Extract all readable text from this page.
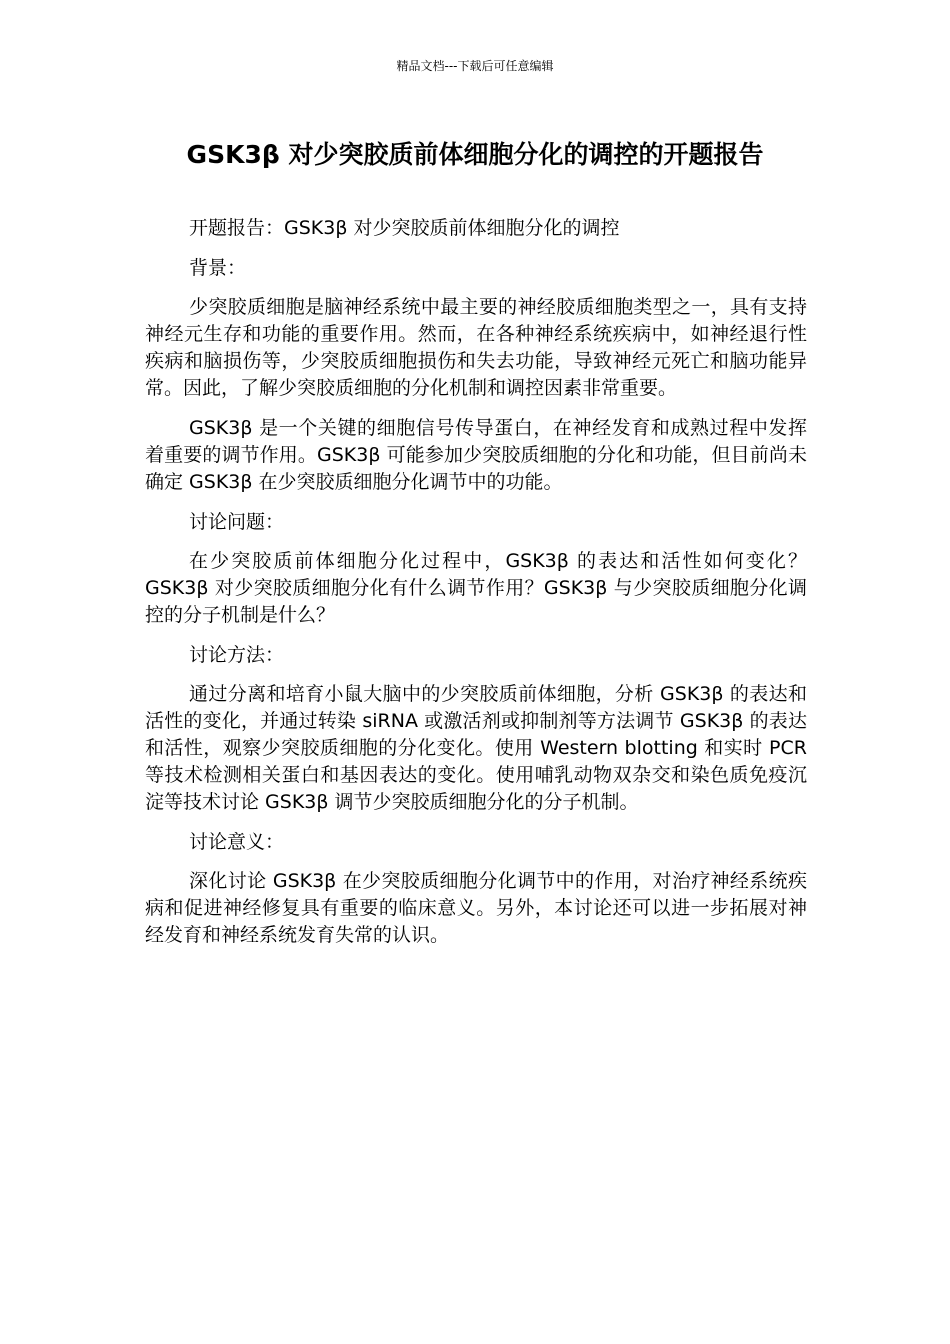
精品文档---下载后可任意编辑
GSK3β 对少突胶质前体细胞分化的调控的开题报告

开题报告：GSK3β 对少突胶质前体细胞分化的调控

背景：

少突胶质细胞是脑神经系统中最主要的神经胶质细胞类型之一，具有支持神经元生存和功能的重要作用。然而，在各种神经系统疾病中，如神经退行性疾病和脑损伤等，少突胶质细胞损伤和失去功能，导致神经元死亡和脑功能异常。因此，了解少突胶质细胞的分化机制和调控因素非常重要。

GSK3β 是一个关键的细胞信号传导蛋白，在神经发育和成熟过程中发挥着重要的调节作用。GSK3β 可能参加少突胶质细胞的分化和功能，但目前尚未确定 GSK3β 在少突胶质细胞分化调节中的功能。

讨论问题：

在少突胶质前体细胞分化过程中，GSK3β 的表达和活性如何变化？GSK3β 对少突胶质细胞分化有什么调节作用？GSK3β 与少突胶质细胞分化调控的分子机制是什么？

讨论方法：

通过分离和培育小鼠大脑中的少突胶质前体细胞，分析 GSK3β 的表达和活性的变化，并通过转染 siRNA 或激活剂或抑制剂等方法调节 GSK3β 的表达和活性，观察少突胶质细胞的分化变化。使用 Western blotting 和实时 PCR 等技术检测相关蛋白和基因表达的变化。使用哺乳动物双杂交和染色质免疫沉淀等技术讨论 GSK3β 调节少突胶质细胞分化的分子机制。

讨论意义：

深化讨论 GSK3β 在少突胶质细胞分化调节中的作用，对治疗神经系统疾病和促进神经修复具有重要的临床意义。另外，本讨论还可以进一步拓展对神经发育和神经系统发育失常的认识。
